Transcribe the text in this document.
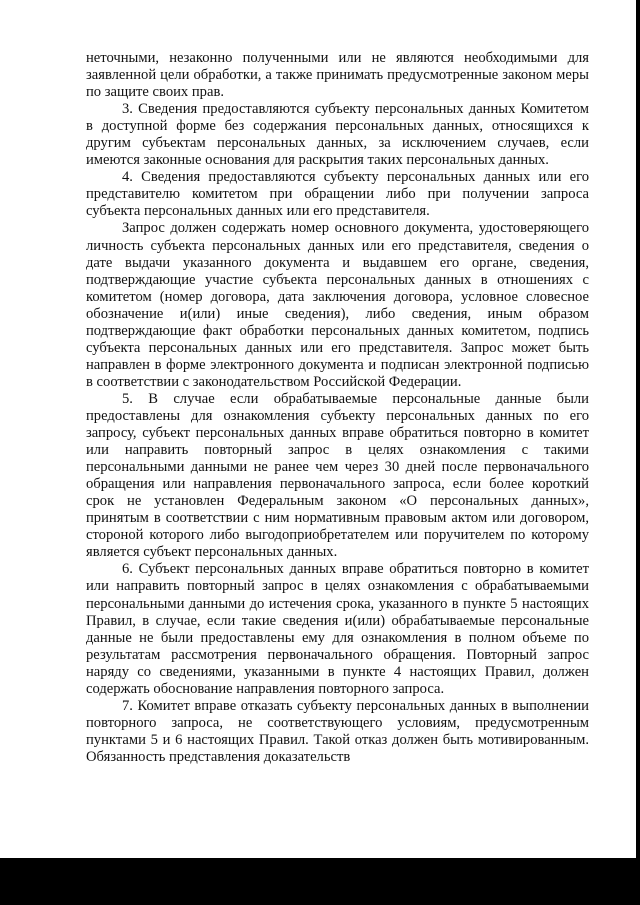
неточными, незаконно полученными или не являются необходимыми для заявленной цели обработки, а также принимать предусмотренные законом меры по защите своих прав.

3. Сведения предоставляются субъекту персональных данных Комитетом в доступной форме без содержания персональных данных, относящихся к другим субъектам персональных данных, за исключением случаев, если имеются законные основания для раскрытия таких персональных данных.

4. Сведения предоставляются субъекту персональных данных или его представителю комитетом при обращении либо при получении запроса субъекта персональных данных или его представителя.

Запрос должен содержать номер основного документа, удостоверяющего личность субъекта персональных данных или его представителя, сведения о дате выдачи указанного документа и выдавшем его органе, сведения, подтверждающие участие субъекта персональных данных в отношениях с комитетом (номер договора, дата заключения договора, условное словесное обозначение и(или) иные сведения), либо сведения, иным образом подтверждающие факт обработки персональных данных комитетом, подпись субъекта персональных данных или его представителя. Запрос может быть направлен в форме электронного документа и подписан электронной подписью в соответствии с законодательством Российской Федерации.

5. В случае если обрабатываемые персональные данные были предоставлены для ознакомления субъекту персональных данных по его запросу, субъект персональных данных вправе обратиться повторно в комитет или направить повторный запрос в целях ознакомления с такими персональными данными не ранее чем через 30 дней после первоначального обращения или направления первоначального запроса, если более короткий срок не установлен Федеральным законом «О персональных данных», принятым в соответствии с ним нормативным правовым актом или договором, стороной которого либо выгодоприобретателем или поручителем по которому является субъект персональных данных.

6. Субъект персональных данных вправе обратиться повторно в комитет или направить повторный запрос в целях ознакомления с обрабатываемыми персональными данными до истечения срока, указанного в пункте 5 настоящих Правил, в случае, если такие сведения и(или) обрабатываемые персональные данные не были предоставлены ему для ознакомления в полном объеме по результатам рассмотрения первоначального обращения. Повторный запрос наряду со сведениями, указанными в пункте 4 настоящих Правил, должен содержать обоснование направления повторного запроса.

7. Комитет вправе отказать субъекту персональных данных в выполнении повторного запроса, не соответствующего условиям, предусмотренным пунктами 5 и 6 настоящих Правил. Такой отказ должен быть мотивированным. Обязанность представления доказательств
